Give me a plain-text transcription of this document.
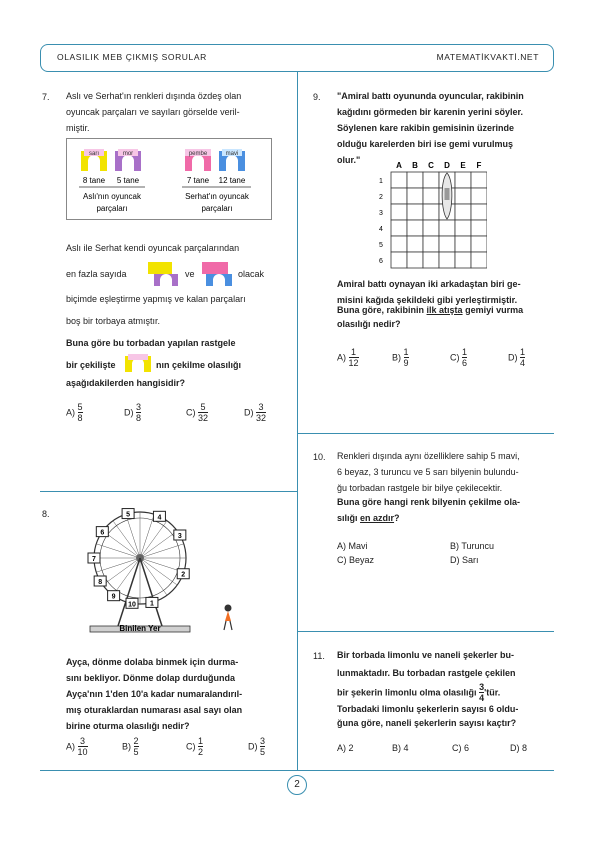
OLASILIK MEB ÇIKMIŞ SORULAR	MATEMATİKVAKTİ.NET
2
7. Aslı ve Serhat'ın renkleri dışında özdeş olan
oyuncak parçaları ve sayıları görselde veril-
miştir.
sarı	mor	pembe	mavi
8 tane 5 tane	7 tane 12 tane
Aslı'nın oyuncak
parçaları
Serhat'ın oyuncak
parçaları
Aslı ile Serhat kendi oyuncak parçalarından
en fazla sayıda	ve	olacak
biçimde eşleştirme yapmış ve kalan parçaları
boş bir torbaya atmıştır.
Buna göre bu torbadan yapılan rastgele
bir çekilişte	nın çekilme olasılığı
aşağıdakilerden hangisidir?
$A) \frac{5}{8}$	$D) \frac{3}{8}$	$C) \frac{5}{32}$	$D) \frac{3}{32}$
8.
Binilen Yer
1
2
3
4
5
6
7
8
9
10
Ayça, dönme dolaba binmek için durma-
sını bekliyor. Dönme dolap durduğunda
Ayça'nın 1'den 10'a kadar numaralandırıl-
mış oturaklardan numarası asal sayı olan
birine oturma olasılığı nedir?
$A) \frac{3}{10}$	$B) \frac{2}{5}$	$C) \frac{1}{2}$	$D) \frac{3}{5}$
9. "Amiral battı oyununda oyuncular, rakibinin
kağıdını görmeden bir karenin yerini söyler.
Söylenen kare rakibin gemisinin üzerinde
olduğu karelerden biri ise gemi vurulmuş
olur."
A B C D E F
1
2
3
4
5
6
Amiral battı oynayan iki arkadaştan biri ge-
misini kağıda şekildeki gibi yerleştirmiştir.
Buna göre, rakibinin ilk atışta gemiyi vurma
olasılığı nedir?
$A) \frac{1}{12}$	$B) \frac{1}{9}$	$C) \frac{1}{6}$	$D) \frac{1}{4}$
10. Renkleri dışında aynı özelliklere sahip 5 mavi,
6 beyaz, 3 turuncu ve 5 sarı bilyenin bulundu-
ğu torbadan rastgele bir bilye çekilecektir.
Buna göre hangi renk bilyenin çekilme ola-
sılığı en azdır?
A) Mavi	B) Turuncu
C) Beyaz	D) Sarı
11. Bir torbada limonlu ve naneli şekerler bu-
lunmaktadır. Bu torbadan rastgele çekilen
bir şekerin limonlu olma olasılığı $\frac{3}{4}$ 'tür.
Torbadaki limonlu şekerlerin sayısı 6 oldu-
ğuna göre, naneli şekerlerin sayısı kaçtır?
A) 2	B) 4	C) 6	D) 8
